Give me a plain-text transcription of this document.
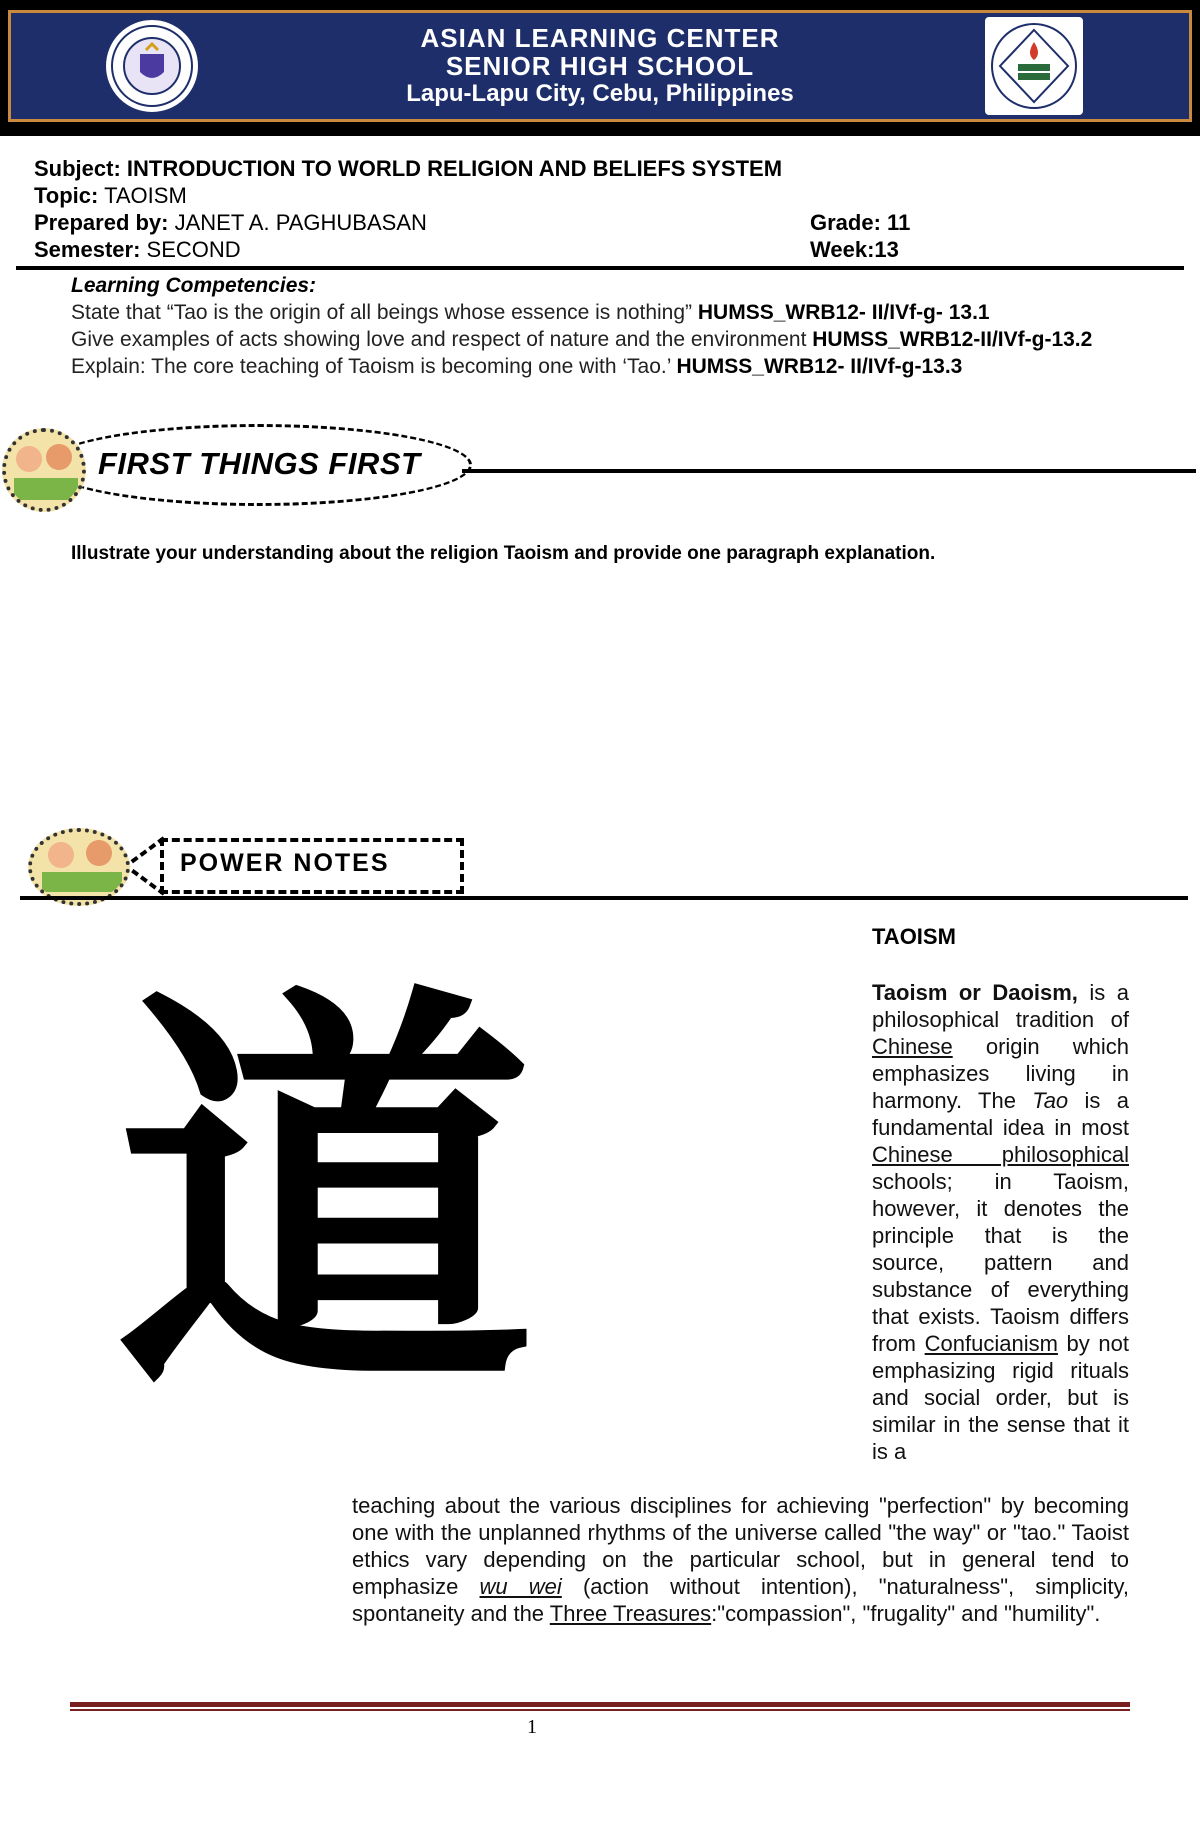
ASIAN LEARNING CENTER
SENIOR HIGH SCHOOL
Lapu-Lapu City, Cebu, Philippines
Subject: INTRODUCTION TO WORLD RELIGION AND BELIEFS SYSTEM
Topic: TAOISM
Prepared by: JANET A. PAGHUBASAN
Semester: SECOND
Grade: 11
Week:13
Learning Competencies:
State that “Tao is the origin of all beings whose essence is nothing” HUMSS_WRB12- II/IVf-g- 13.1
Give examples of acts showing love and respect of nature and the environment HUMSS_WRB12-II/IVf-g-13.2
Explain: The core teaching of Taoism is becoming one with ‘Tao.’ HUMSS_WRB12- II/IVf-g-13.3
FIRST THINGS FIRST
Illustrate your understanding about the religion Taoism and provide one paragraph explanation.
POWER NOTES
道
TAOISM
Taoism or Daoism, is a philosophical tradition of Chinese origin which emphasizes living in harmony. The Tao is a fundamental idea in most Chinese philosophical schools; in Taoism, however, it denotes the principle that is the source, pattern and substance of everything that exists. Taoism differs from Confucianism by not emphasizing rigid rituals and social order, but is similar in the sense that it is a
teaching about the various disciplines for achieving "perfection" by becoming one with the unplanned rhythms of the universe called "the way" or "tao." Taoist ethics vary depending on the particular school, but in general tend to emphasize wu wei (action without intention), "naturalness", simplicity, spontaneity and the Three Treasures:"compassion", "frugality" and "humility".
1
